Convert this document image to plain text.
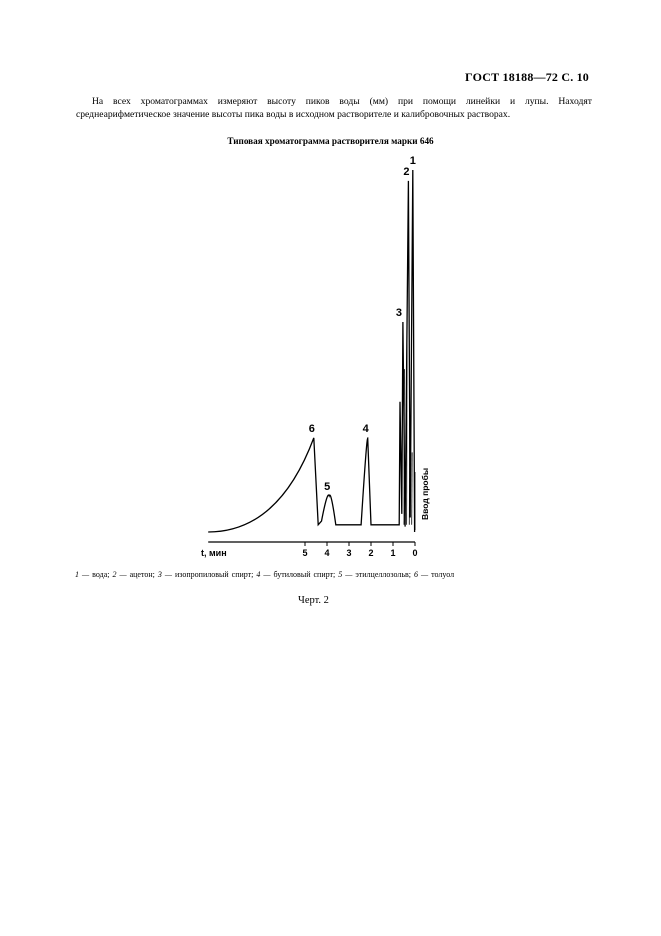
ГОСТ 18188—72 С. 10
На всех хроматограммах измеряют высоту пиков воды (мм) при помощи линейки и лупы. Находят среднеарифметическое значение высоты пика воды в исходном растворителе и калибровочных растворах.
Типовая хроматограмма растворителя марки 646
5 4 3 2 1 0
1
2
3
4
5
6
t, мин
Ввод пробы
1 — вода; 2 — ацетон; 3 — изопропиловый спирт; 4 — бутиловый спирт; 5 — этилцеллозольв; 6 — толуол
Черт. 2
